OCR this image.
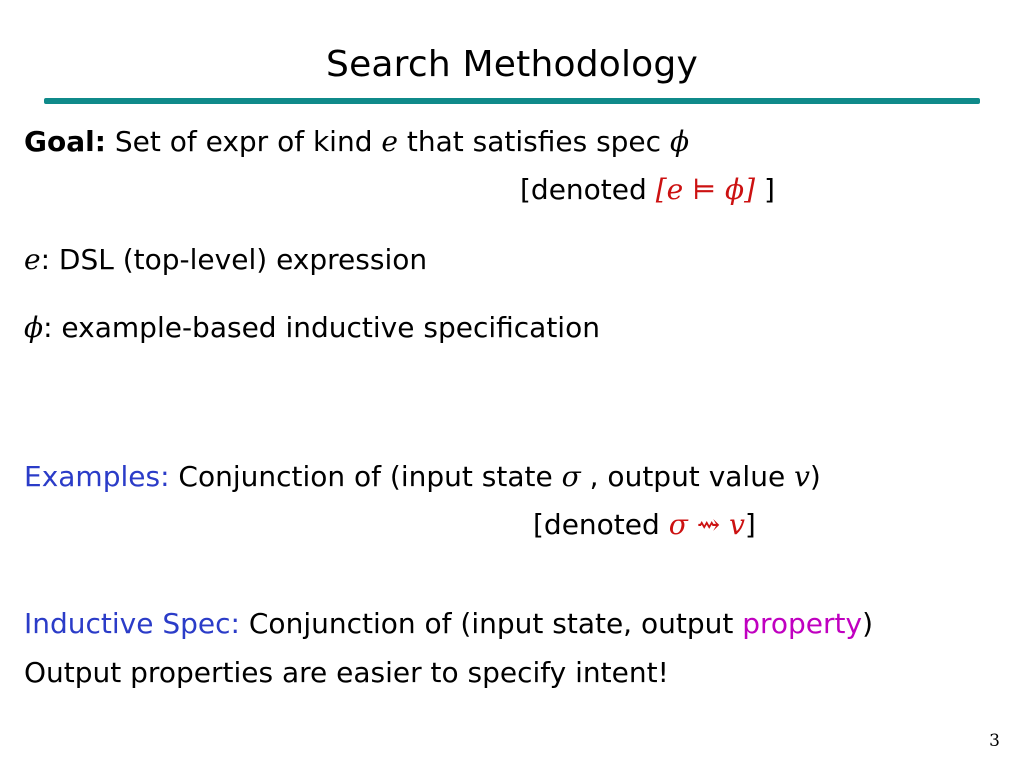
Search Methodology
Goal: Set of expr of kind e that satisfies spec ϕ
[denoted [e ⊨ ϕ] ]
e: DSL (top-level) expression
ϕ: example-based inductive specification
Examples: Conjunction of (input state σ , output value v)
[denoted σ ⇝ v]
Inductive Spec: Conjunction of (input state, output property)
Output properties are easier to specify intent!
3
